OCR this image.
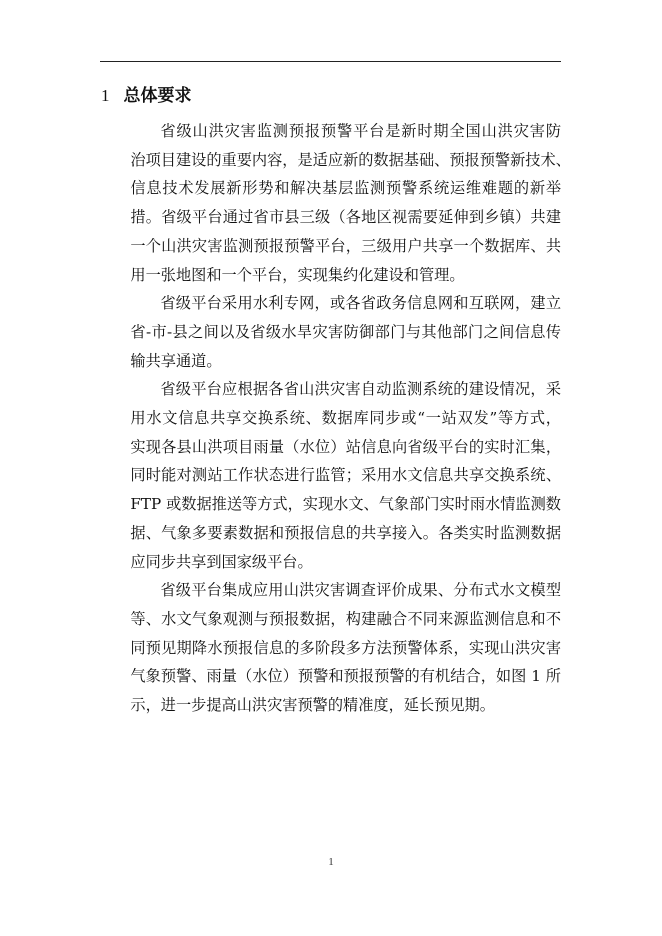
1 总体要求
省级山洪灾害监测预报预警平台是新时期全国山洪灾害防
治项目建设的重要内容，是适应新的数据基础、预报预警新技术、
信息技术发展新形势和解决基层监测预警系统运维难题的新举
措。省级平台通过省市县三级（各地区视需要延伸到乡镇）共建
一个山洪灾害监测预报预警平台，三级用户共享一个数据库、共
用一张地图和一个平台，实现集约化建设和管理。
省级平台采用水利专网，或各省政务信息网和互联网，建立
省-市-县之间以及省级水旱灾害防御部门与其他部门之间信息传
输共享通道。
省级平台应根据各省山洪灾害自动监测系统的建设情况，采
用水文信息共享交换系统、数据库同步或“一站双发”等方式，
实现各县山洪项目雨量（水位）站信息向省级平台的实时汇集，
同时能对测站工作状态进行监管；采用水文信息共享交换系统、
FTP 或数据推送等方式，实现水文、气象部门实时雨水情监测数
据、气象多要素数据和预报信息的共享接入。各类实时监测数据
应同步共享到国家级平台。
省级平台集成应用山洪灾害调查评价成果、分布式水文模型
等、水文气象观测与预报数据，构建融合不同来源监测信息和不
同预见期降水预报信息的多阶段多方法预警体系，实现山洪灾害
气象预警、雨量（水位）预警和预报预警的有机结合，如图 1 所
示，进一步提高山洪灾害预警的精准度，延长预见期。
1
